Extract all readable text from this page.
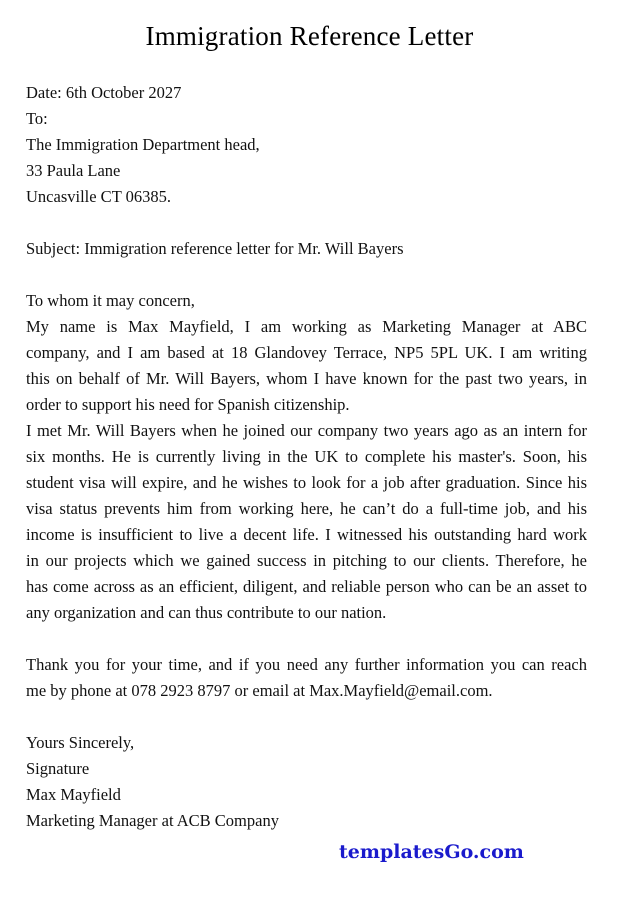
Immigration Reference Letter

Date: 6th October 2027

To:

The Immigration Department head,

33 Paula Lane

Uncasville CT 06385.

Subject: Immigration reference letter for Mr. Will Bayers

To whom it may concern,

My name is Max Mayfield, I am working as Marketing Manager at ABC
company, and I am based at 18 Glandovey Terrace, NP5 5PL UK. I am writing
this on behalf of Mr. Will Bayers, whom I have known for the past two years, in
order to support his need for Spanish citizenship.
I met Mr. Will Bayers when he joined our company two years ago as an intern for
six months. He is currently living in the UK to complete his master's. Soon, his
student visa will expire, and he wishes to look for a job after graduation. Since his
visa status prevents him from working here, he can’t do a full-time job, and his
income is insufficient to live a decent life. I witnessed his outstanding hard work
in our projects which we gained success in pitching to our clients. Therefore, he
has come across as an efficient, diligent, and reliable person who can be an asset to
any organization and can thus contribute to our nation.
Thank you for your time, and if you need any further information you can reach
me by phone at 078 2923 8797 or email at Max.Mayfield@email.com.

Yours Sincerely,

Signature

Max Mayfield

Marketing Manager at ACB Company

templatesGo.com
